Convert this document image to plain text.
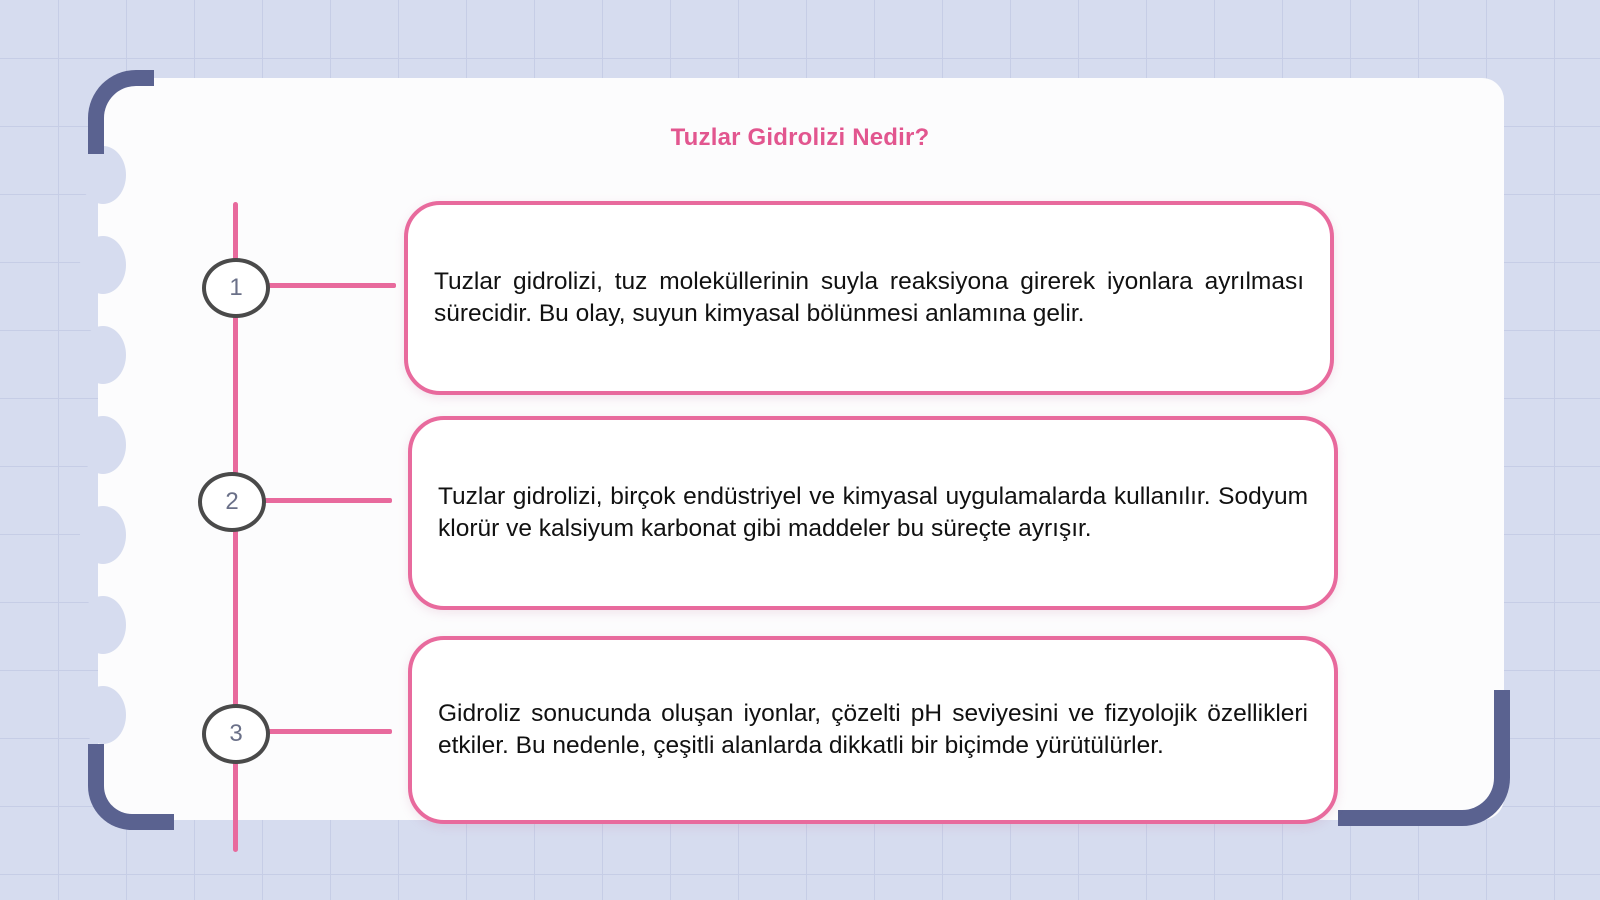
Tuzlar Gidrolizi Nedir?
1	Tuzlar gidrolizi, tuz moleküllerinin suyla reaksiyona girerek iyonlara ayrılması sürecidir. Bu olay, suyun kimyasal bölünmesi anlamına gelir.

2	Tuzlar gidrolizi, birçok endüstriyel ve kimyasal uygulamalarda kullanılır. Sodyum klorür ve kalsiyum karbonat gibi maddeler bu süreçte ayrışır.

3

Gidroliz sonucunda oluşan iyonlar, çözelti pH seviyesini ve fizyolojik özellikleri etkiler. Bu nedenle, çeşitli alanlarda dikkatli bir biçimde yürütülürler.
